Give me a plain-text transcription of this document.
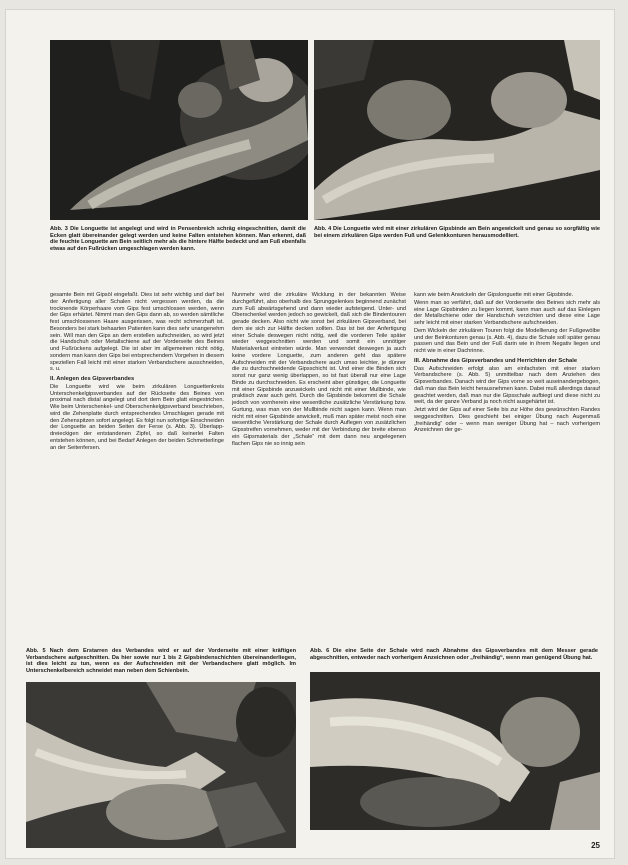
Abb. 3 Die Longuette ist angelegt und wird in Pensenbreich schräg eingeschnitten, damit die Ecken glatt übereinander gelegt werden und keine Falten entstehen können. Man erkennt, daß die feuchte Longuette am Bein seitlich mehr als die hintere Hälfte bedeckt und am Fuß ebenfalls etwas auf den Fußrücken umgeschlagen werden kann.
Abb. 4 Die Longuette wird mit einer zirkulären Gipsbinde am Bein angewickelt und genau so sorgfältig wie bei einem zirkulären Gips werden Fuß und Gelenkkonturen herausmodelliert.

gesamte Bein mit Gipsöl eingefaßt. Dies ist sehr wichtig und darf bei der Anfertigung aller Schalen nicht vergessen werden, da die trocknende Körperhaare vom Gips fest umschlossen werden, wenn der Gips erhärtet. Nimmt man den Gips dann ab, so werden sämtliche fest umschlossenen Haare ausgerissen, was recht schmerzhaft ist. Besonders bei stark behaarten Patienten kann dies sehr unangenehm sein. Will man den Gips an dem erstellen aufschneiden, so wird jetzt die Handschuh oder Metallschiene auf der Vorderseite des Beines und Fußrückens aufgelegt. Die ist aber im allgemeinen nicht nötig, sondern man kann den Gips bei entsprechendem Vorgehen in diesem speziellen Fall leicht mit einer starken Verbandschere ausschneiden, s. u.

II. Anlegen des Gipsverbandes

Die Longuette wird wie beim zirkulären Longuettenkreis Unterschenkelgipsverbandes auf der Rückseite des Beines von proximal nach distal angelegt und dort dem Bein glatt eingestrichen. Wie beim Unterschenkel- und Oberschenkelgipsverband beschrieben, wird die Zehenplatte durch entsprechendes Umschlagen gerade mit den Zehenspitzen sofort angelegt. Es folgt nun sofortige Einschneiden der Longuette an beiden Seiten der Ferse (s. Abb. 3). Überlapp-dreieckigen der entstandenen Zipfel, so daß keinerlei Falten entstehen können, und bei Bedarf Anlegen der beiden Schmetterlinge an der Seitenfersen.

Nunmehr wird die zirkuläre Wicklung in der bekannten Weise durchgeführt, also oberhalb des Sprunggelenkes beginnend zunächst zum Fuß abwärtsgehend und dann wieder aufsteigend. Unter- und Oberschenkel werden jedoch so gewickelt, daß sich die Bindentouren gerade decken. Also nicht wie sonst bei zirkulären Gipsverband, bei dem sie sich zur Hälfte decken sollten. Das ist bei der Anfertigung einer Schale deswegen nicht nötig, weil die vorderen Teile später wieder weggeschnitten werden und somit ein unnötiger Materialverlust eintreten würde. Man verwendet deswegen ja auch keine vordere Longuette, zum anderen geht das spätere Aufschneiden mit der Verbandschere auch umso leichter, je dünner die zu durchschneidende Gipsschicht ist. Und einer die Binden sich sonst nur ganz wenig überlappen, so ist fast überall nur eine Lage Binde zu durchschneiden. Es erscheint aber günstiger, die Longuette mit einer Gipsbinde anzuwickeln und nicht mit einer Mullbinde, wie praktisch zwar auch geht. Durch die Gipsbinde bekommt die Schale jedoch von vornherein eine wesentliche zusätzliche Verstärkung bzw. Gurtung, was man von der Mullbinde nicht sagen kann. Wenn man nicht mit einer Gipsbinde anwickelt, muß man später meist noch eine wesentliche Verstärkung der Schale durch Auflegen von zusätzlichen Gipsstreifen vornehmen, weder mit der Verbindung der breite ebenso ein Gipsmaterials der „Schale“ mit dem dann neu angelegenen flachen Gips nie so innig sein

kann wie beim Anwickeln der Gipslonguette mit einer Gipsbinde.

Wenn man so verfährt, daß auf der Vorderseite des Beines sich mehr als eine Lage Gipsbinden zu liegen kommt, kann man auch auf das Einlegen der Metallschiene oder der Handschuh verzichten und diese eine Lage sehr leicht mit einer starken Verbandschere aufschneiden.

Dem Wickeln der zirkulären Touren folgt die Modellierung der Fußgewölbe und der Beinkonturen genau (s. Abb. 4), dazu die Schale soll später genau passen und das Bein und der Fuß darin wie in ihrem Negativ liegen und nicht wie in einer Dachrinne.

III. Abnahme des Gipsverbandes und Herrichten der Schale

Das Aufschneiden erfolgt also am einfachsten mit einer starken Verbandschere (s. Abb. 5) unmittelbar nach dem Anziehen des Gipsverbandes. Danach wird der Gips vorne so weit auseinandergebogen, daß man das Bein leicht herausnehmen kann. Dabei muß allerdings darauf geachtet werden, daß man nur die Gipsschale aufbiegt und diese nicht zu weit, da der ganze Verband ja noch nicht ausgehärtet ist.

Jetzt wird der Gips auf einer Seite bis zur Höhe des gewünschten Randes weggeschnitten. Dies geschieht bei einiger Übung nach Augenmaß „freihändig“ oder – wenn man weniger Übung hat – nach vorherigem Anzeichnen der ge-

Abb. 5 Nach dem Erstarren des Verbandes wird er auf der Vorderseite mit einer kräftigen Verbandschere aufgeschnitten. Da hier sowie nur 1 bis 2 Gipsbindenschichten übereinanderliegen, ist dies leicht zu tun, wenn es der Aufschneiden mit der Verbandschere glatt möglich. Im Unterschenkelbereich schneidet man neben dem Schienbein.
Abb. 6 Die eine Seite der Schale wird nach Abnahme des Gipsverbandes mit dem Messer gerade abgeschnitten, entweder nach vorherigem Anzeichnen oder „freihändig“, wenn man genügend Übung hat.
25
